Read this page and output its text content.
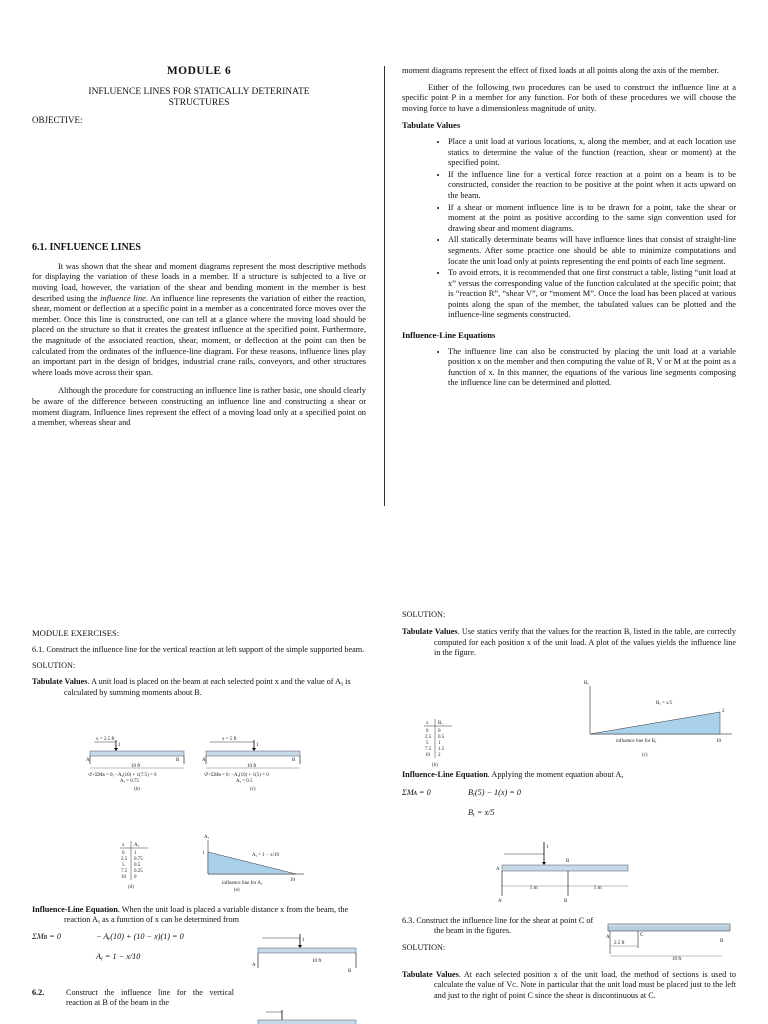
MODULE 6
INFLUENCE LINES FOR STATICALLY DETERINATE
STRUCTURES
OBJECTIVE:
6.1. INFLUENCE LINES

It was shown that the shear and moment diagrams represent the most descriptive methods for displaying the variation of these loads in a member. If a structure is subjected to a live or moving load, however, the variation of the shear and bending moment in the member is best described using the influence line. An influence line represents the variation of either the reaction, shear, moment or deflection at a specific point in a member as a concentrated force moves over the member. Once this line is constructed, one can tell at a glance where the moving load should be placed on the structure so that it creates the greatest influence at the specified point. Furthermore, the magnitude of the associated reaction, shear, moment, or deflection at the point can then be calculated from the ordinates of the influence-line diagram. For these reasons, influence lines play an important part in the design of bridges, industrial crane rails, conveyors, and other structures where loads move across their span.

Although the procedure for constructing an influence line is rather basic, one should clearly be aware of the difference between constructing an influence line and constructing a shear or moment diagram. Influence lines represent the effect of a moving load only at a specified point on a member, whereas shear and

moment diagrams represent the effect of fixed loads at all points along the axis of the member.

Either of the following two procedures can be used to construct the influence line at a specific point P in a member for any function. For both of these procedures we will choose the moving force to have a dimensionless magnitude of unity.

Tabulate Values
• Place a unit load at various locations, x, along the member, and at each location use statics to determine the value of the function (reaction, shear or moment) at the specified point.
• If the influence line for a vertical force reaction at a point on a beam is to be constructed, consider the reaction to be positive at the point when it acts upward on the beam.
• If a shear or moment influence line is to be drawn for a point, take the shear or moment at the point as positive according to the same sign convention used for drawing shear and moment diagrams.
• All statically determinate beams will have influence lines that consist of straight-line segments. After some practice one should be able to minimize computations and locate the unit load only at points representing the end points of each line segment.
• To avoid errors, it is recommended that one first construct a table, listing “unit load at x” versus the corresponding value of the function calculated at the specific point; that is “reaction R”, “shear V”, or “moment M”. Once the load has been placed at various points along the span of the member, the tabulated values can be plotted and the influence-line segments constructed.
Influence-Line Equations
• The influence line can also be constructed by placing the unit load at a variable position x on the member and then computing the value of R, V or M at the point as a function of x. In this manner, the equations of the various line segments composing the influence line can be determined and plotted.
MODULE EXERCISES:

6.1. Construct the influence line for the vertical reaction at left support of the simple supported beam.

SOLUTION:

Tabulate Values. A unit load is placed on the beam at each selected point x and the value of Aᵧ is calculated by summing moments about B.

x = 2.5 ft
1
A	B
10 ft
↺+ΣMʙ = 0; −Aᵧ(10) + 1(7.5) = 0
Aᵧ = 0.75
(b)
x = 5 ft
1
A	B
10 ft
↺+ΣMʙ = 0; −Aᵧ(10) + 1(5) = 0
Aᵧ = 0.5
(c)
x Aᵧ
0 1
2.5 0.75
5 0.5
7.5 0.25
10 0
(d)
Aᵧ
1	Aᵧ = 1 − x/10
10
influence line for Aᵧ
(e)

Influence-Line Equation. When the unit load is placed a variable distance x from the beam, the reaction Aᵧ as a function of x can be determined from

ΣMʙ = 0	− Aᵧ(10) + (10 − x)(1) = 0
Aᵧ = 1 − x/10
6.2.	Construct the influence line for the vertical reaction at B of the beam in the

1
A
B
10 ft
SOLUTION:

Tabulate Values. Use statics verify that the values for the reaction Bᵧ listed in the table, are correctly computed for each position x of the unit load. A plot of the values yields the influence line in the figure.

x Bᵧ
0 0
2.5 0.5
5 1
7.5 1.5
10 2
(b)
Bᵧ
2
Bᵧ = x/5
10
influence line for Bᵧ
(c)

Influence-Line Equation. Applying the moment equation about A,

ΣMᴀ = 0	Bᵧ(5) − 1(x) = 0
Bᵧ = x/5
1
A
B
5 m	5 m
A	B

6.3. Construct the influence line for the shear at point C of the beam in the figures.

SOLUTION:
A	C
B
2.5 ft
10 ft

Tabulate Values. At each selected position x of the unit load, the method of sections is used to calculate the value of Vᴄ. Note in particular that the unit load must be placed just to the left and just to the right of point C since the shear is discontinuous at C.
